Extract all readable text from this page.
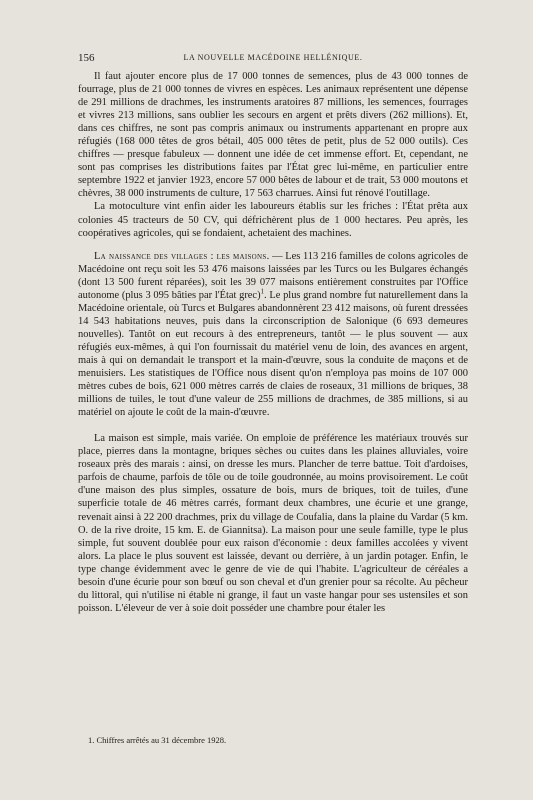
156	LA NOUVELLE MACÉDOINE HELLÉNIQUE.

Il faut ajouter encore plus de 17 000 tonnes de semences, plus de 43 000 tonnes de fourrage, plus de 21 000 tonnes de vivres en espèces. Les animaux représentent une dépense de 291 millions de drachmes, les instruments aratoires 87 millions, les semences, fourrages et vivres 213 millions, sans oublier les secours en argent et prêts divers (262 millions). Et, dans ces chiffres, ne sont pas compris animaux ou instruments appartenant en propre aux réfugiés (168 000 têtes de gros bétail, 405 000 têtes de petit, plus de 52 000 outils). Ces chiffres — presque fabuleux — donnent une idée de cet immense effort. Et, cependant, ne sont pas comprises les distributions faites par l'État grec lui-même, en particulier entre septembre 1922 et janvier 1923, encore 57 000 bêtes de labour et de trait, 53 000 moutons et chèvres, 38 000 instruments de culture, 17 563 charrues. Ainsi fut rénové l'outillage.

La motoculture vint enfin aider les laboureurs établis sur les friches : l'État prêta aux colonies 45 tracteurs de 50 CV, qui défrichèrent plus de 1 000 hectares. Peu après, les coopératives agricoles, qui se fondaient, achetaient des machines.

La naissance des villages : les maisons. — Les 113 216 familles de colons agricoles de Macédoine ont reçu soit les 53 476 maisons laissées par les Turcs ou les Bulgares échangés (dont 13 500 furent réparées), soit les 39 077 maisons entièrement construites par l'Office autonome (plus 3 095 bâties par l'État grec)$^1$. Le plus grand nombre fut naturellement dans la Macédoine orientale, où Turcs et Bulgares abandonnèrent 23 412 maisons, où furent dressées 14 543 habitations neuves, puis dans la circonscription de Salonique (6 693 demeures nouvelles). Tantôt on eut recours à des entrepreneurs, tantôt — le plus souvent — aux réfugiés eux-mêmes, à qui l'on fournissait du matériel venu de loin, des avances en argent, mais à qui on demandait le transport et la main-d'œuvre, sous la conduite de maçons et de menuisiers. Les statistiques de l'Office nous disent qu'on n'employa pas moins de 107 000 mètres cubes de bois, 621 000 mètres carrés de claies de roseaux, 31 millions de briques, 38 millions de tuiles, le tout d'une valeur de 255 millions de drachmes, de 385 millions, si au matériel on ajoute le coût de la main-d'œuvre.

La maison est simple, mais variée. On emploie de préférence les matériaux trouvés sur place, pierres dans la montagne, briques sèches ou cuites dans les plaines alluviales, voire roseaux près des marais : ainsi, on dresse les murs. Plancher de terre battue. Toit d'ardoises, parfois de chaume, parfois de tôle ou de toile goudronnée, au moins provisoirement. Le coût d'une maison des plus simples, ossature de bois, murs de briques, toit de tuiles, d'une superficie totale de 46 mètres carrés, formant deux chambres, une écurie et une grange, revenait ainsi à 22 200 drachmes, prix du village de Coufalia, dans la plaine du Vardar (5 km. O. de la rive droite, 15 km. E. de Giannitsa). La maison pour une seule famille, type le plus simple, fut souvent doublée pour eux raison d'économie : deux familles accolées y vivent alors. La place le plus souvent est laissée, devant ou derrière, à un jardin potager. Enfin, le type change évidemment avec le genre de vie de qui l'habite. L'agriculteur de céréales a besoin d'une écurie pour son bœuf ou son cheval et d'un grenier pour sa récolte. Au pêcheur du littoral, qui n'utilise ni étable ni grange, il faut un vaste hangar pour ses ustensiles et son poisson. L'éleveur de ver à soie doit posséder une chambre pour étaler les

1. Chiffres arrêtés au 31 décembre 1928.
